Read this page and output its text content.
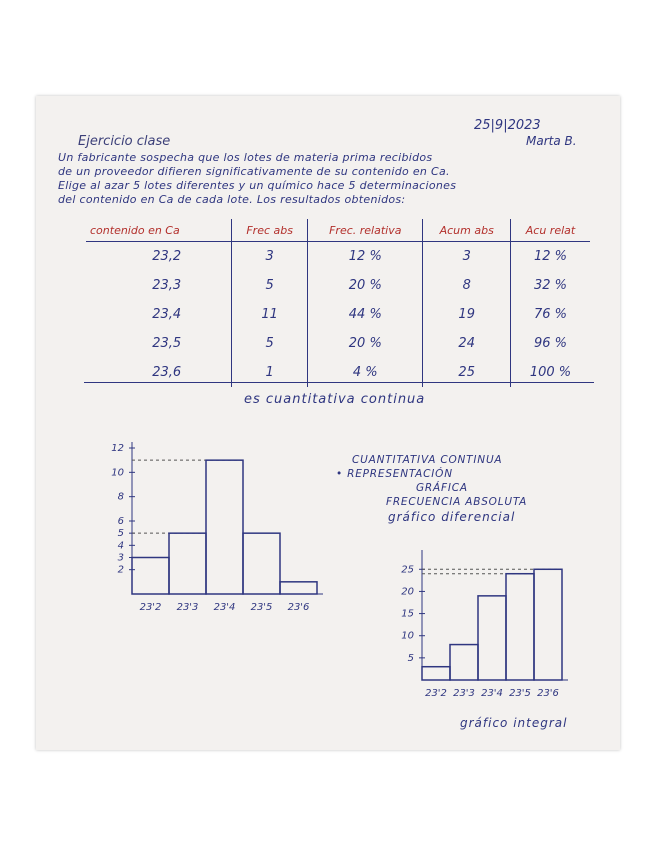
25|9|2023
Marta B.
Ejercicio clase
Un fabricante sospecha que los lotes de materia prima recibidos
de un proveedor difieren significativamente de su contenido en Ca.
Elige al azar 5 lotes diferentes y un químico hace 5 determinaciones
del contenido en Ca de cada lote. Los resultados obtenidos:
contenido en Ca	Frec abs	Frec. relativa	Acum abs	Acu relat
23,2	3	12 %	3	12 %
23,3	5	20 %	8	32 %
23,4	11	44 %	19	76 %
23,5	5	20 %	24	96 %
23,6	1	4 %	25	100 %
es cuantitativa continua
CUANTITATIVA CONTINUA
• REPRESENTACIÓN
GRÁFICA
FRECUENCIA ABSOLUTA
gráfico diferencial
12
10
8
6
5
4
3
2
23'2 23'3 23'4 23'5 23'6
25
20
15
10
5
23'2 23'3 23'4 23'5 23'6
gráfico integral
